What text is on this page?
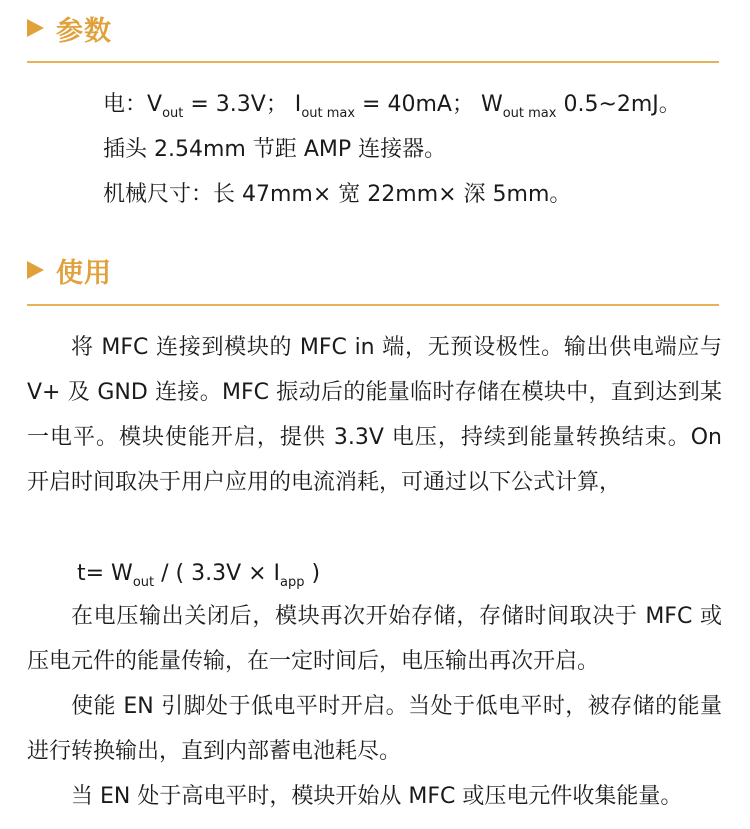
参数
电：$V_{out} = 3.3V$； $I_{out max} = 40mA$； $W_{out max}$ 0.5~2mJ。
插头 2.54mm 节距 AMP 连接器。
机械尺寸：长 47mm× 宽 22mm× 深 5mm。
使用
将 MFC 连接到模块的 MFC in 端，无预设极性。输出供电端应与 V+ 及 GND 连接。MFC 振动后的能量临时存储在模块中，直到达到某一电平。模块使能开启，提供 3.3V 电压，持续到能量转换结束。On 开启时间取决于用户应用的电流消耗，可通过以下公式计算，
$t= W_{out}$ / ( $3.3V \times I_{app}$ )
在电压输出关闭后，模块再次开始存储，存储时间取决于 MFC 或压电元件的能量传输，在一定时间后，电压输出再次开启。
使能 EN 引脚处于低电平时开启。当处于低电平时，被存储的能量进行转换输出，直到内部蓄电池耗尽。
当 EN 处于高电平时，模块开始从 MFC 或压电元件收集能量。
